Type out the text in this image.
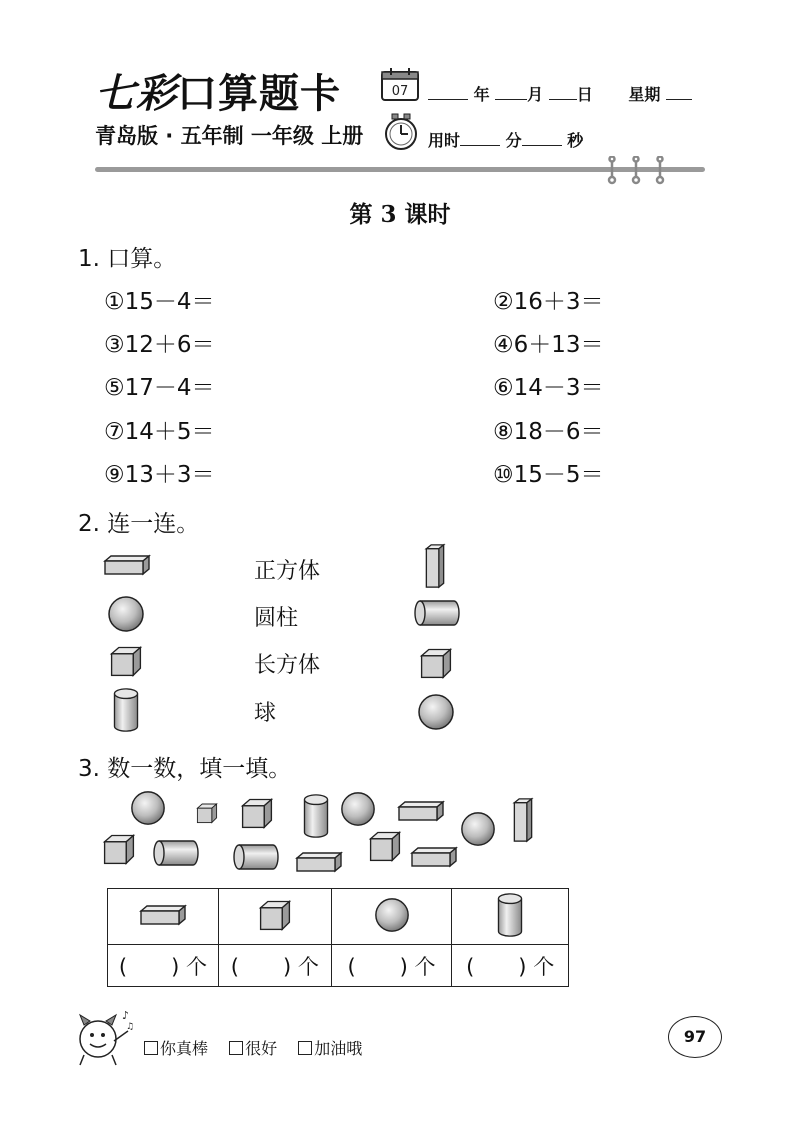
七彩口算题卡	07	年 月 日 星期
青岛版 · 五年制 一年级 上册	用时	分	秒
第 3 课时
1. 口算。
①15－4＝	②16＋3＝
③12＋6＝	④6＋13＝
⑤17－4＝	⑥14－3＝
⑦14＋5＝	⑧18－6＝
⑨13＋3＝	⑩15－5＝
2. 连一连。
正方体
圆柱
长方体
球
3. 数一数，填一填。

( ) 个	( ) 个	( ) 个	( ) 个
♪
♫
你真棒 很好 加油哦
97
